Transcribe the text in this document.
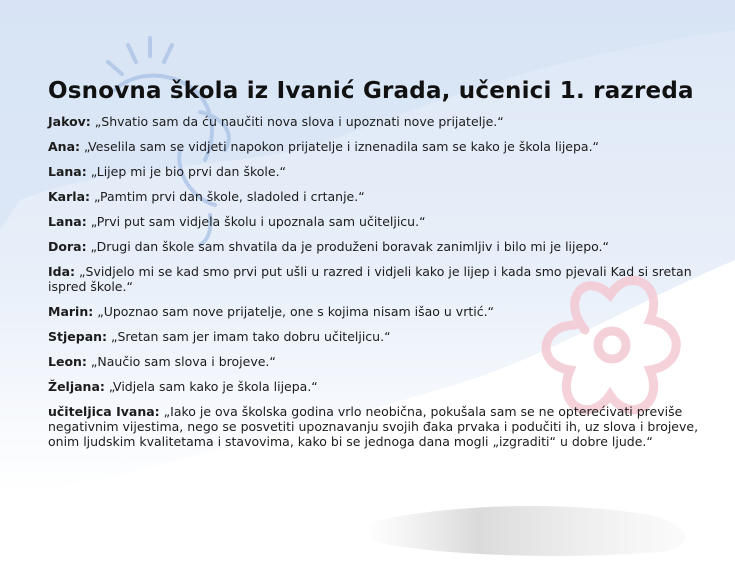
Osnovna škola iz Ivanić Grada, učenici 1. razreda

Jakov: „Shvatio sam da ću naučiti nova slova i upoznati nove prijatelje.“

Ana: „Veselila sam se vidjeti napokon prijatelje i iznenadila sam se kako je škola lijepa.“

Lana: „Lijep mi je bio prvi dan škole.“

Karla: „Pamtim prvi dan škole, sladoled i crtanje.“

Lana: „Prvi put sam vidjela školu i upoznala sam učiteljicu.“

Dora: „Drugi dan škole sam shvatila da je produženi boravak zanimljiv i bilo mi je lijepo.“

Ida: „Svidjelo mi se kad smo prvi put ušli u razred i vidjeli kako je lijep i kada smo pjevali Kad si sretan ispred škole.“

Marin: „Upoznao sam nove prijatelje, one s kojima nisam išao u vrtić.“

Stjepan: „Sretan sam jer imam tako dobru učiteljicu.“

Leon: „Naučio sam slova i brojeve.“

Željana: „Vidjela sam kako je škola lijepa.“

učiteljica Ivana: „Iako je ova školska godina vrlo neobična, pokušala sam se ne opterećivati previše negativnim vijestima, nego se posvetiti upoznavanju svojih đaka prvaka i podučiti ih, uz slova i brojeve, onim ljudskim kvalitetama i stavovima, kako bi se jednoga dana mogli „izgraditi“ u dobre ljude.“
